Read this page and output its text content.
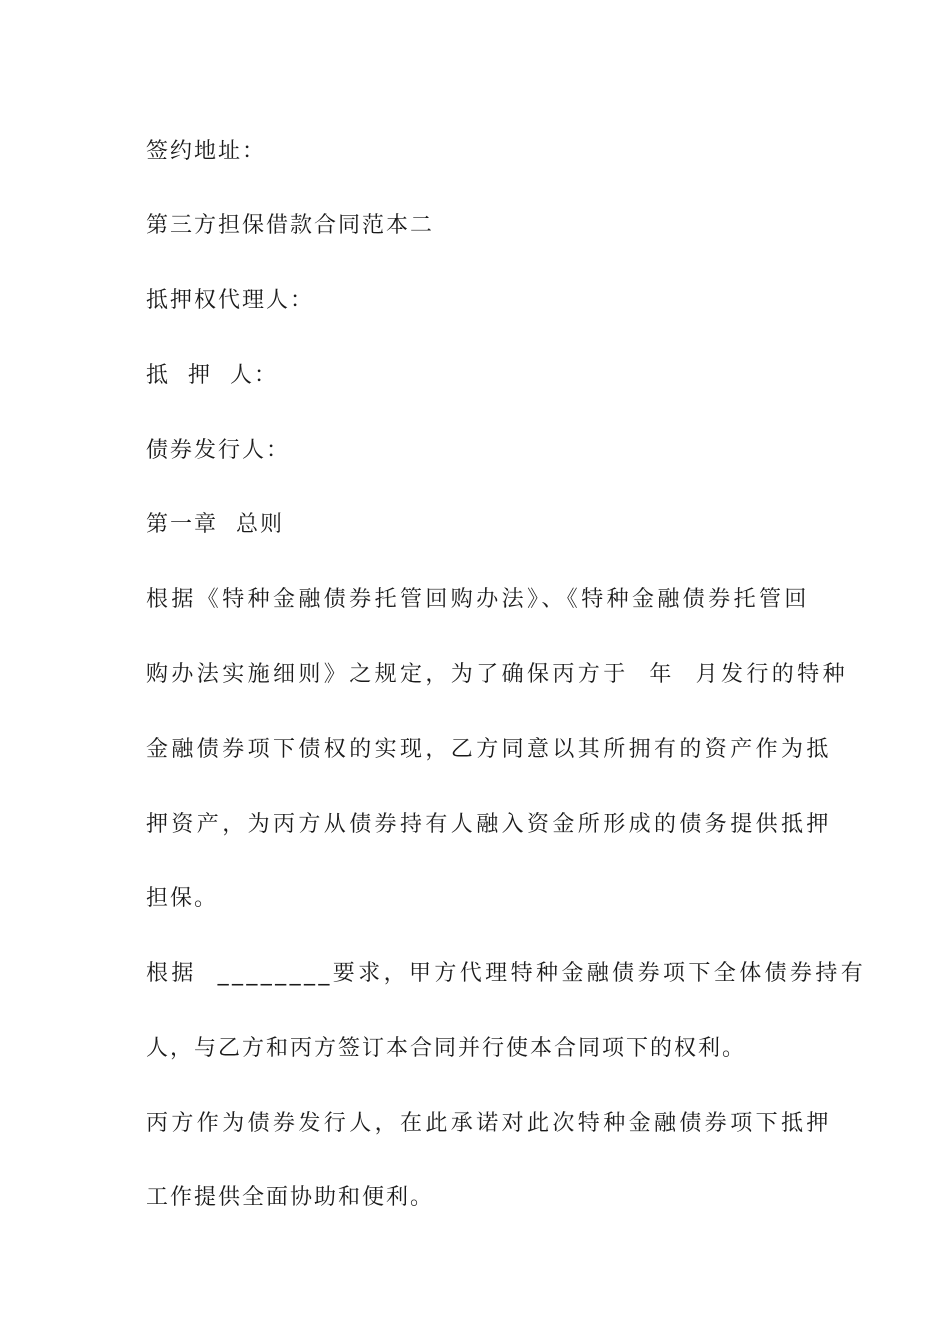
签约地址：
第三方担保借款合同范本二
抵押权代理人：
抵  押  人：
债券发行人：
第一章  总则
根据《特种金融债券托管回购办法》、《特种金融债券托管回
购办法实施细则》之规定，为了确保丙方于  年  月发行的特种
金融债券项下债权的实现，乙方同意以其所拥有的资产作为抵
押资产，为丙方从债券持有人融入资金所形成的债务提供抵押
担保。
根据  ________要求，甲方代理特种金融债券项下全体债券持有
人，与乙方和丙方签订本合同并行使本合同项下的权利。
丙方作为债券发行人，在此承诺对此次特种金融债券项下抵押
工作提供全面协助和便利。
